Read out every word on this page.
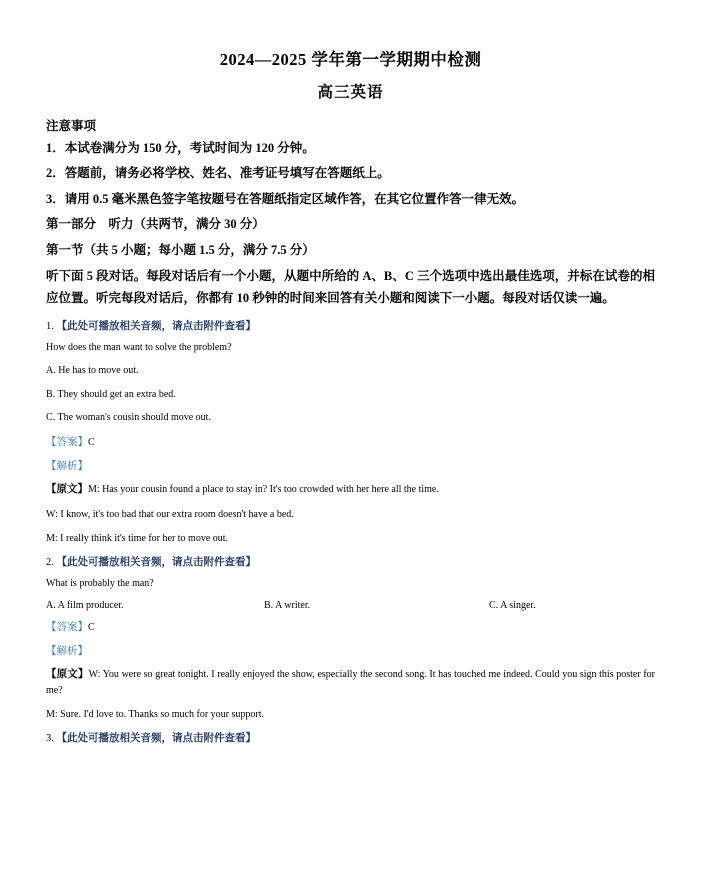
2024—2025 学年第一学期期中检测
高三英语
注意事项
1．本试卷满分为 150 分，考试时间为 120 分钟。
2．答题前，请务必将学校、姓名、准考证号填写在答题纸上。
3．请用 0.5 毫米黑色签字笔按题号在答题纸指定区域作答，在其它位置作答一律无效。
第一部分　听力（共两节，满分 30 分）
第一节（共 5 小题；每小题 1.5 分，满分 7.5 分）
听下面 5 段对话。每段对话后有一个小题，从题中所给的 A、B、C 三个选项中选出最佳选项，并标在试卷的相应位置。听完每段对话后，你都有 10 秒钟的时间来回答有关小题和阅读下一小题。每段对话仅读一遍。
1. 【此处可播放相关音频，请点击附件查看】
How does the man want to solve the problem?
A. He has to move out.
B. They should get an extra bed.
C. The woman's cousin should move out.
【答案】C
【解析】
【原文】M: Has your cousin found a place to stay in? It's too crowded with her here all the time.
W: I know, it's too bad that our extra room doesn't have a bed.
M: I really think it's time for her to move out.
2. 【此处可播放相关音频，请点击附件查看】
What is probably the man?
A. A film producer.	B. A writer.	C. A singer.
【答案】C
【解析】
【原文】W: You were so great tonight. I really enjoyed the show, especially the second song. It has touched me indeed. Could you sign this poster for me?
M: Sure. I'd love to. Thanks so much for your support.
3. 【此处可播放相关音频，请点击附件查看】
